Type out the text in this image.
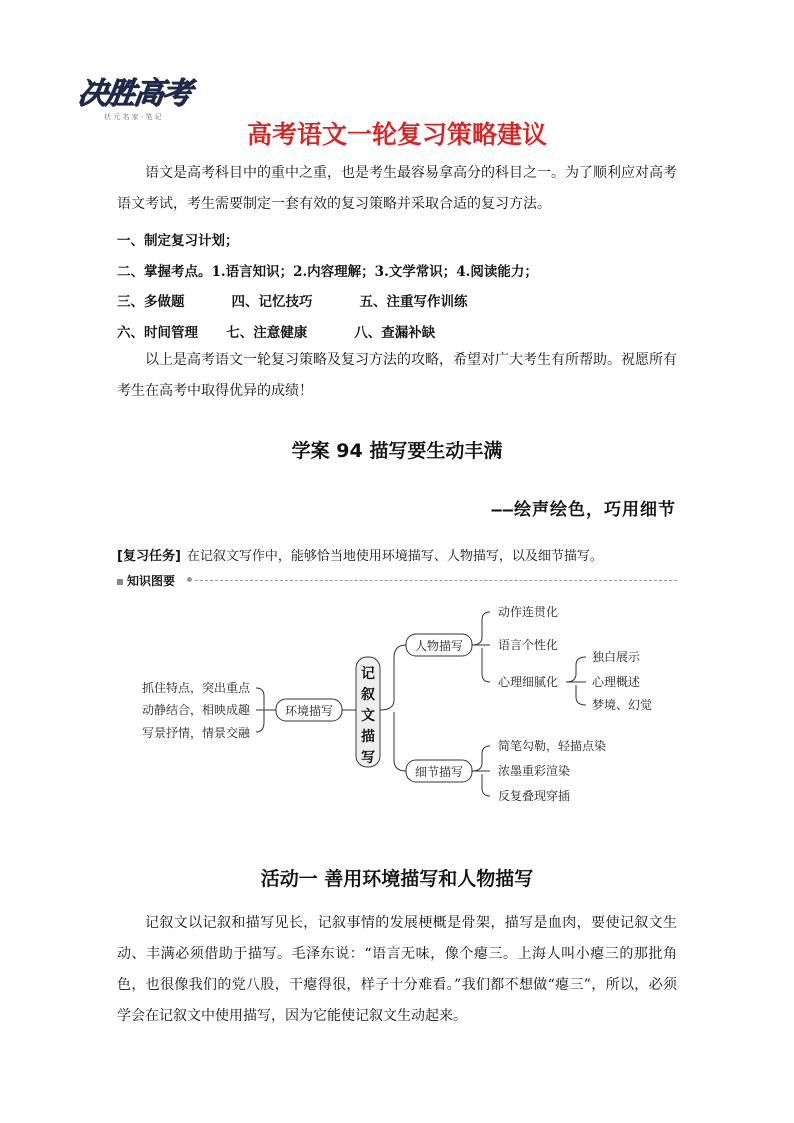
决胜高考
状 元 名 家 · 笔 记
高考语文一轮复习策略建议
语文是高考科目中的重中之重，也是考生最容易拿高分的科目之一。为了顺利应对高考语文考试，考生需要制定一套有效的复习策略并采取合适的复习方法。
一、制定复习计划；
二、掌握考点。1.语言知识；2.内容理解；3.文学常识；4.阅读能力；
三、多做题          四、记忆技巧          五、注重写作训练
六、时间管理      七、注意健康          八、查漏补缺
以上是高考语文一轮复习策略及复习方法的攻略，希望对广大考生有所帮助。祝愿所有考生在高考中取得优异的成绩！
学案 94 描写要生动丰满
——绘声绘色，巧用细节
[复习任务] 在记叙文写作中，能够恰当地使用环境描写、人物描写，以及细节描写。
知识图要
抓住特点，突出重点
动静结合，相映成趣
写景抒情，情景交融
环境描写
人物描写
细节描写
动作连贯化
语言个性化
心理细腻化
独白展示
心理概述
梦境、幻觉
简笔勾勒，轻描点染
浓墨重彩渲染
反复叠现穿插
记
叙
文
描
写
活动一 善用环境描写和人物描写
记叙文以记叙和描写见长，记叙事情的发展梗概是骨架，描写是血肉，要使记叙文生动、丰满必须借助于描写。毛泽东说：“语言无味，像个瘪三。上海人叫小瘪三的那批角色，也很像我们的党八股，干瘪得很，样子十分难看。”我们都不想做“瘪三”，所以，必须学会在记叙文中使用描写，因为它能使记叙文生动起来。
